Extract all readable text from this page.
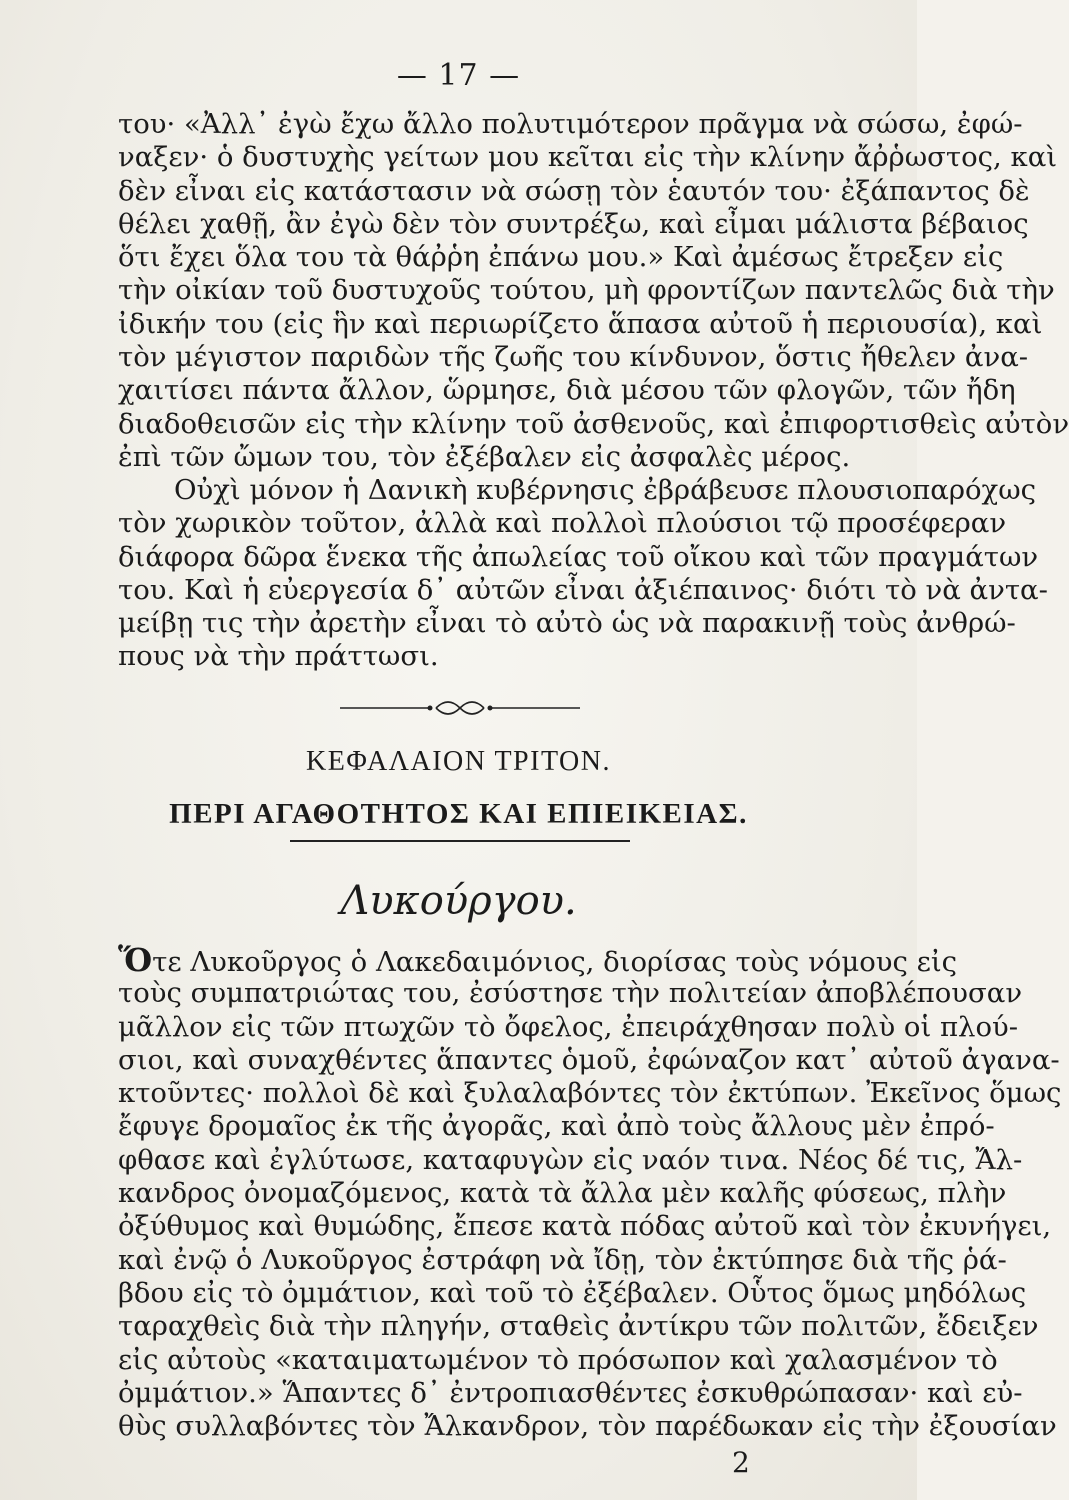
— 17 —
του· «Ἀλλ᾿ ἐγὼ ἔχω ἄλλο πολυτιμότερον πρᾶγμα νὰ σώσω, ἐφώ-
ναξεν· ὁ δυστυχὴς γείτων μου κεῖται εἰς τὴν κλίνην ἄῤῥωστος, καὶ
δὲν εἶναι εἰς κατάστασιν νὰ σώσῃ τὸν ἑαυτόν του· ἐξάπαντος δὲ
θέλει χαθῇ, ἂν ἐγὼ δὲν τὸν συντρέξω, καὶ εἶμαι μάλιστα βέβαιος
ὅτι ἔχει ὅλα του τὰ θάῤῥη ἐπάνω μου.» Καὶ ἀμέσως ἔτρεξεν εἰς
τὴν οἰκίαν τοῦ δυστυχοῦς τούτου, μὴ φροντίζων παντελῶς διὰ τὴν
ἰδικήν του (εἰς ἣν καὶ περιωρίζετο ἅπασα αὐτοῦ ἡ περιουσία), καὶ
τὸν μέγιστον παριδὼν τῆς ζωῆς του κίνδυνον, ὅστις ἤθελεν ἀνα-
χαιτίσει πάντα ἄλλον, ὥρμησε, διὰ μέσου τῶν φλογῶν, τῶν ἤδη
διαδοθεισῶν εἰς τὴν κλίνην τοῦ ἀσθενοῦς, καὶ ἐπιφορτισθεὶς αὐτὸν
ἐπὶ τῶν ὤμων του, τὸν ἐξέβαλεν εἰς ἀσφαλὲς μέρος.
Οὐχὶ μόνον ἡ Δανικὴ κυβέρνησις ἐβράβευσε πλουσιοπαρόχως
τὸν χωρικὸν τοῦτον, ἀλλὰ καὶ πολλοὶ πλούσιοι τῷ προσέφεραν
διάφορα δῶρα ἕνεκα τῆς ἀπωλείας τοῦ οἴκου καὶ τῶν πραγμάτων
του. Καὶ ἡ εὐεργεσία δ᾿ αὐτῶν εἶναι ἀξιέπαινος· διότι τὸ νὰ ἀντα-
μείβῃ τις τὴν ἀρετὴν εἶναι τὸ αὐτὸ ὡς νὰ παρακινῇ τοὺς ἀνθρώ-
πους νὰ τὴν πράττωσι.
ΚΕΦΑΛΑΙΟΝ ΤΡΙΤΟΝ.
ΠΕΡΙ ΑΓΑΘΟΤΗΤΟΣ ΚΑΙ ΕΠΙΕΙΚΕΙΑΣ.
Λυκούργου.
Ὅτε Λυκοῦργος ὁ Λακεδαιμόνιος, διορίσας τοὺς νόμους εἰς
τοὺς συμπατριώτας του, ἐσύστησε τὴν πολιτείαν ἀποβλέπουσαν
μᾶλλον εἰς τῶν πτωχῶν τὸ ὄφελος, ἐπειράχθησαν πολὺ οἱ πλού-
σιοι, καὶ συναχθέντες ἅπαντες ὁμοῦ, ἐφώναζον κατ᾿ αὐτοῦ ἀγανα-
κτοῦντες· πολλοὶ δὲ καὶ ξυλαλαβόντες τὸν ἐκτύπων. Ἐκεῖνος ὅμως
ἔφυγε δρομαῖος ἐκ τῆς ἀγορᾶς, καὶ ἀπὸ τοὺς ἄλλους μὲν ἐπρό-
φθασε καὶ ἐγλύτωσε, καταφυγὼν εἰς ναόν τινα. Νέος δέ τις, Ἄλ-
κανδρος ὀνομαζόμενος, κατὰ τὰ ἄλλα μὲν καλῆς φύσεως, πλὴν
ὀξύθυμος καὶ θυμώδης, ἔπεσε κατὰ πόδας αὐτοῦ καὶ τὸν ἐκυνήγει,
καὶ ἐνῷ ὁ Λυκοῦργος ἐστράφη νὰ ἴδῃ, τὸν ἐκτύπησε διὰ τῆς ῥά-
βδου εἰς τὸ ὀμμάτιον, καὶ τοῦ τὸ ἐξέβαλεν. Οὗτος ὅμως μηδόλως
ταραχθεὶς διὰ τὴν πληγήν, σταθεὶς ἀντίκρυ τῶν πολιτῶν, ἔδειξεν
εἰς αὐτοὺς «καταιματωμένον τὸ πρόσωπον καὶ χαλασμένον τὸ
ὀμμάτιον.» Ἅπαντες δ᾿ ἐντροπιασθέντες ἐσκυθρώπασαν· καὶ εὐ-
θὺς συλλαβόντες τὸν Ἄλκανδρον, τὸν παρέδωκαν εἰς τὴν ἐξουσίαν
2
